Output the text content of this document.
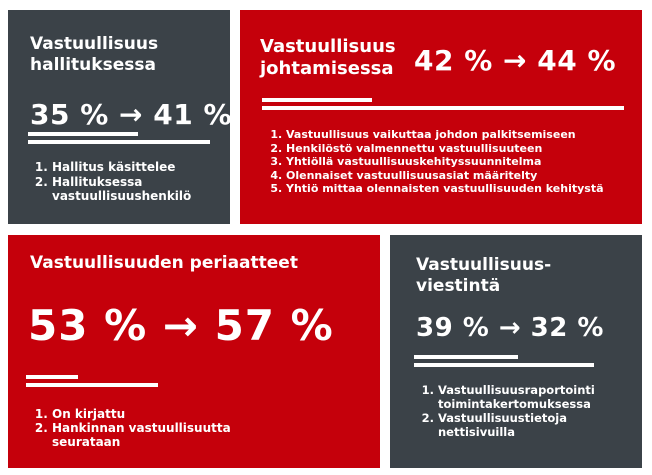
Vastuullisuus
hallituksessa
35 % → 41 %
1. Hallitus käsittelee
2. Hallituksessa vastuullisuushenkilö
Vastuullisuus
johtamisessa 42 % → 44 %
1. Vastuullisuus vaikuttaa johdon palkitsemiseen
2. Henkilöstö valmennettu vastuullisuuteen
3. Yhtiöllä vastuullisuuskehityssuunnitelma
4. Olennaiset vastuullisuusasiat määritelty
5. Yhtiö mittaa olennaisten vastuullisuuden kehitystä
Vastuullisuuden periaatteet
53 % → 57 %
1. On kirjattu
2. Hankinnan vastuullisuutta seurataan
Vastuullisuus-
viestintä
39 % → 32 %
1. Vastuullisuusraportointi toimintakertomuksessa
2. Vastuullisuustietoja nettisivuilla
